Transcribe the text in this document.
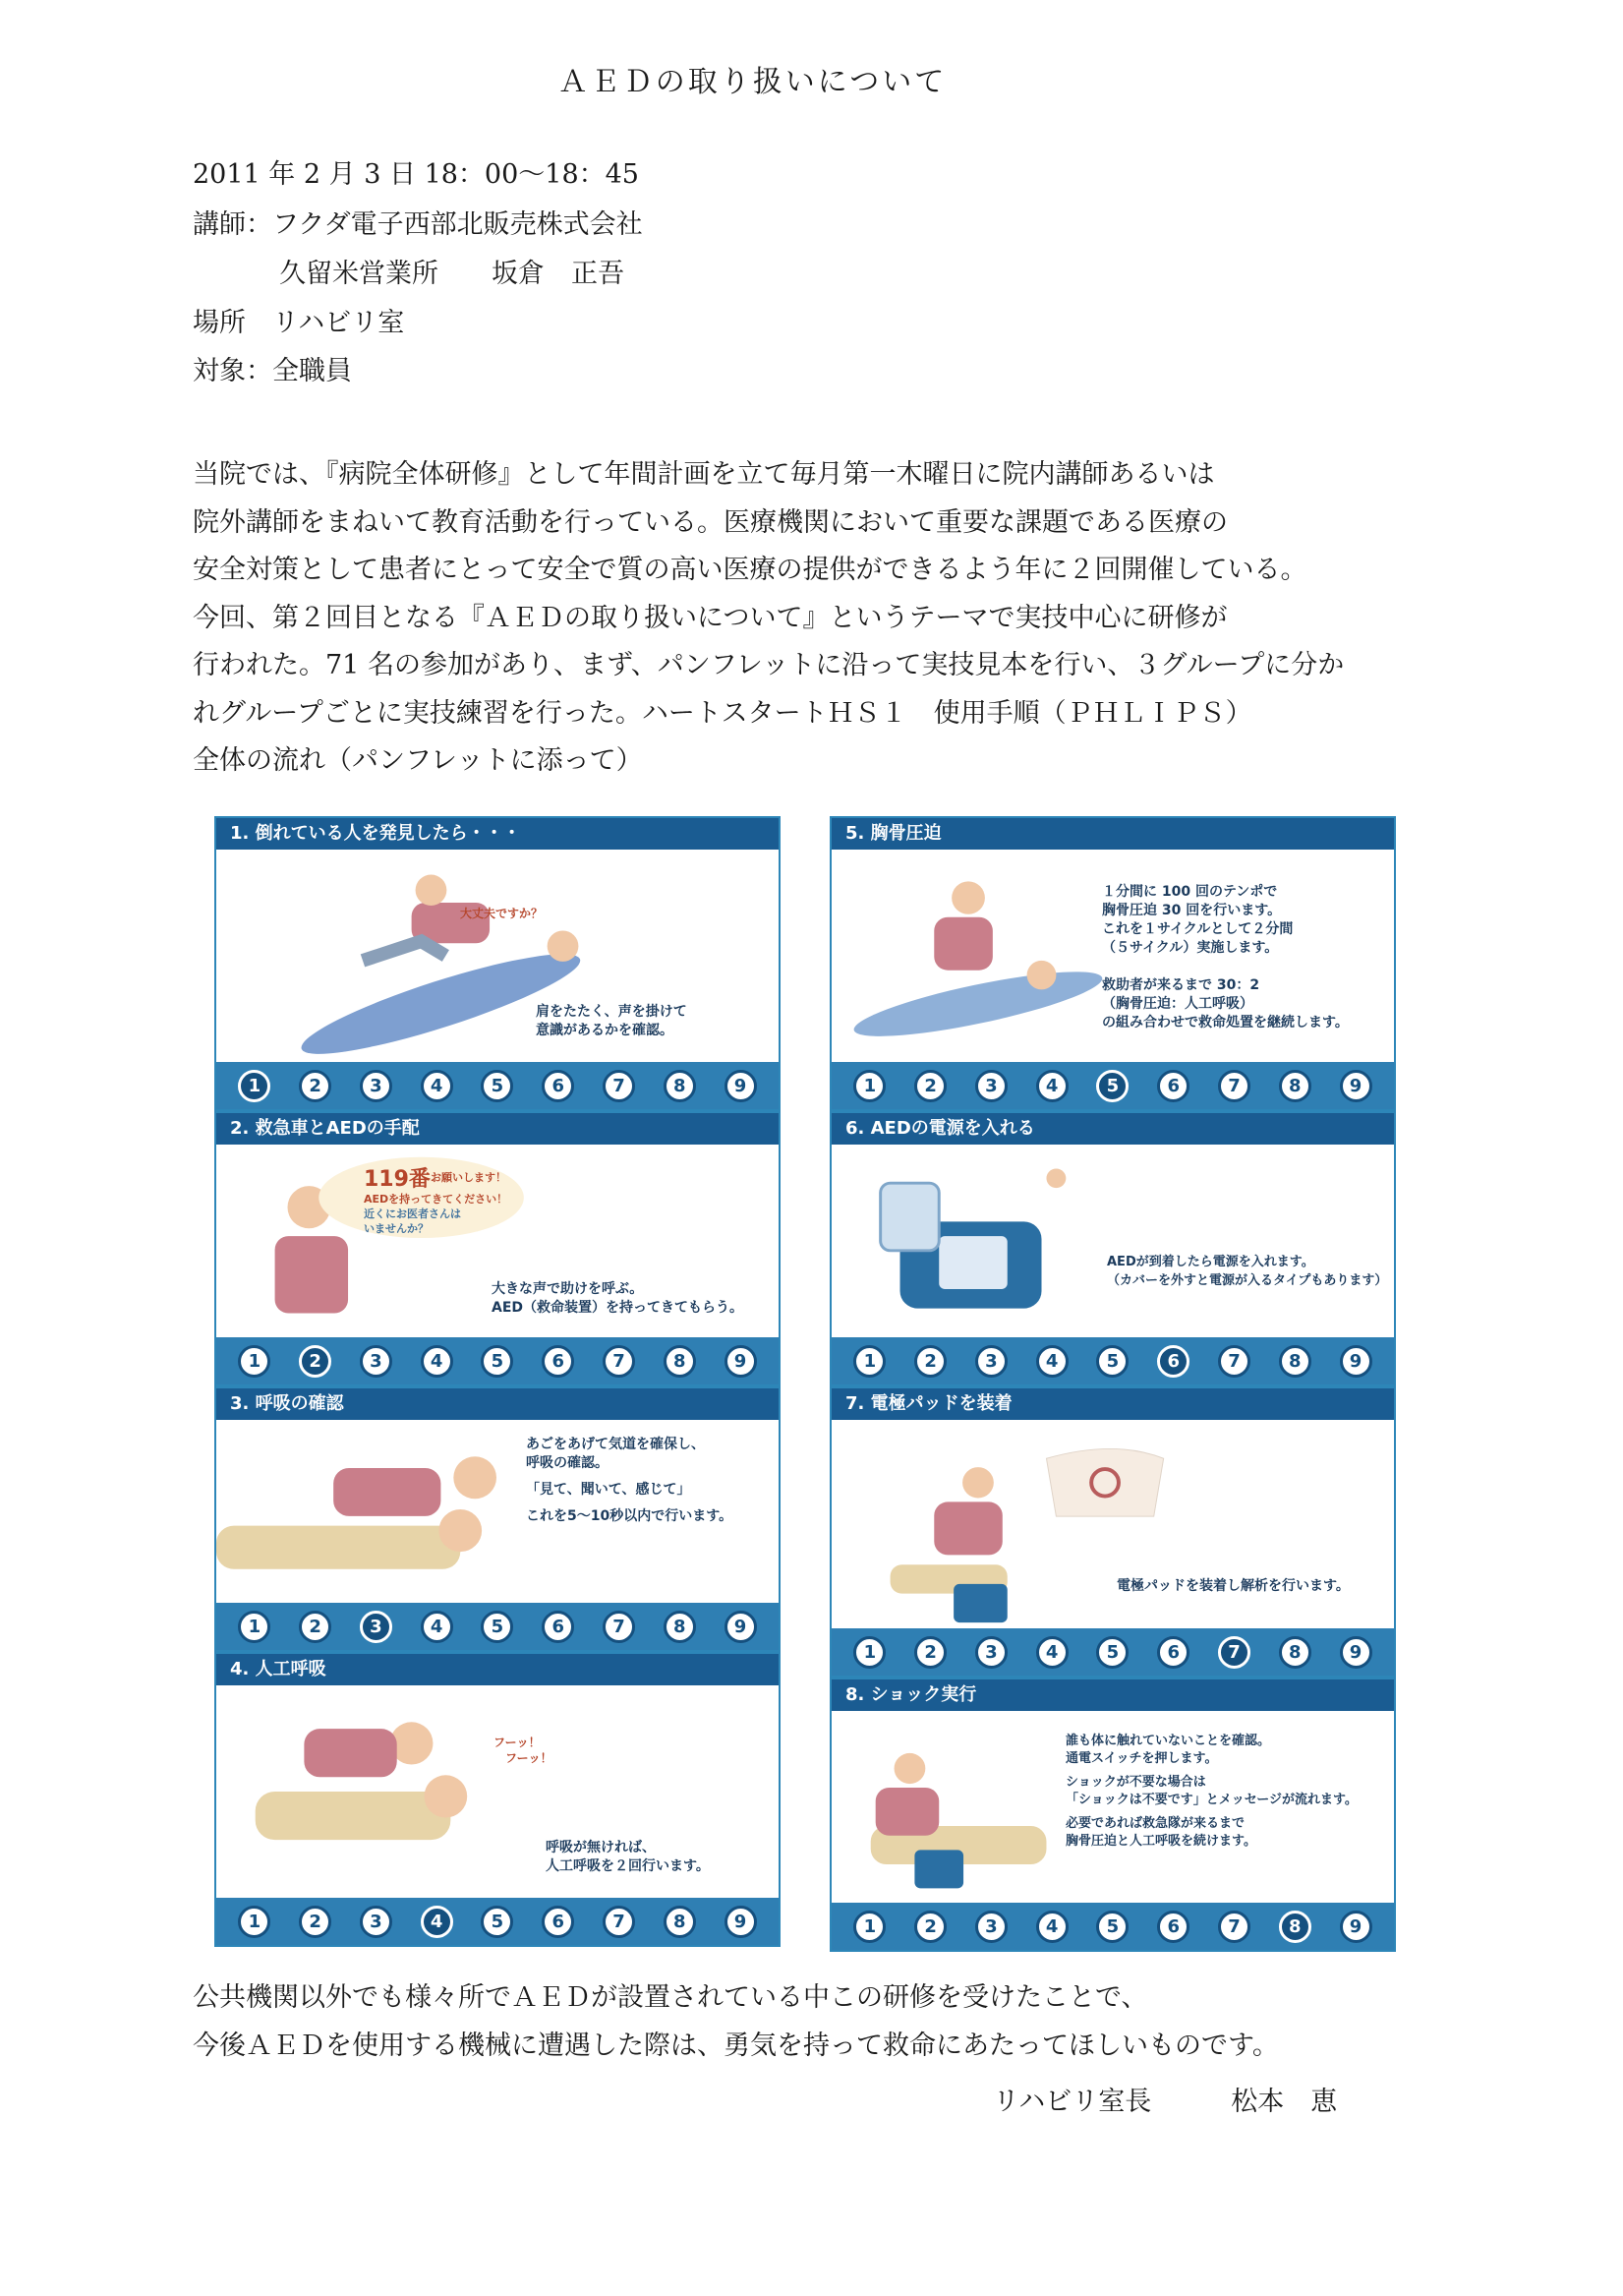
ＡＥＤの取り扱いについて
2011 年 2 月 3 日 18：00〜18：45
講師：フクダ電子西部北販売株式会社
久留米営業所　　坂倉　正吾
場所　リハビリ室
対象：全職員
当院では、『病院全体研修』として年間計画を立て毎月第一木曜日に院内講師あるいは
院外講師をまねいて教育活動を行っている。医療機関において重要な課題である医療の
安全対策として患者にとって安全で質の高い医療の提供ができるよう年に２回開催している。
今回、第２回目となる『ＡＥＤの取り扱いについて』というテーマで実技中心に研修が
行われた。71 名の参加があり、まず、パンフレットに沿って実技見本を行い、３グループに分か
れグループごとに実技練習を行った。ハートスタートＨＳ１　使用手順（ＰＨＬＩＰＳ）
全体の流れ（パンフレットに添って）
1. 倒れている人を発見したら・・・
大丈夫ですか？
肩をたたく、声を掛けて
意識があるかを確認。
1	2	3	4	5	6	7	8	9
5. 胸骨圧迫
１分間に 100 回のテンポで
胸骨圧迫 30 回を行います。
これを１サイクルとして２分間
（５サイクル）実施します。

救助者が来るまで 30：2
（胸骨圧迫：人工呼吸）
の組み合わせで救命処置を継続します。
1	2	3	4	5	6	7	8	9
2. 救急車とAEDの手配
119番 お願いします！
AEDを持ってきてください！
近くにお医者さんは
いませんか？
大きな声で助けを呼ぶ。
AED（救命装置）を持ってきてもらう。
1	2	3	4	5	6	7	8	9
6. AEDの電源を入れる
AEDが到着したら電源を入れます。
（カバーを外すと電源が入るタイプもあります）
1	2	3	4	5	6	7	8	9
3. 呼吸の確認
あごをあげて気道を確保し、
呼吸の確認。
「見て、聞いて、感じて」
これを5〜10秒以内で行います。
1	2	3	4	5	6	7	8	9
7. 電極パッドを装着
電極パッドを装着し解析を行います。
1	2	3	4	5	6	7	8	9
4. 人工呼吸
フーッ！
フーッ！
呼吸が無ければ、
人工呼吸を２回行います。
1	2	3	4	5	6	7	8	9
8. ショック実行
誰も体に触れていないことを確認。
通電スイッチを押します。
ショックが不要な場合は
「ショックは不要です」とメッセージが流れます。
必要であれば救急隊が来るまで
胸骨圧迫と人工呼吸を続けます。
1	2	3	4	5	6	7	8	9
公共機関以外でも様々所でＡＥＤが設置されている中この研修を受けたことで、
今後ＡＥＤを使用する機械に遭遇した際は、勇気を持って救命にあたってほしいものです。
リハビリ室長　　　松本　恵
